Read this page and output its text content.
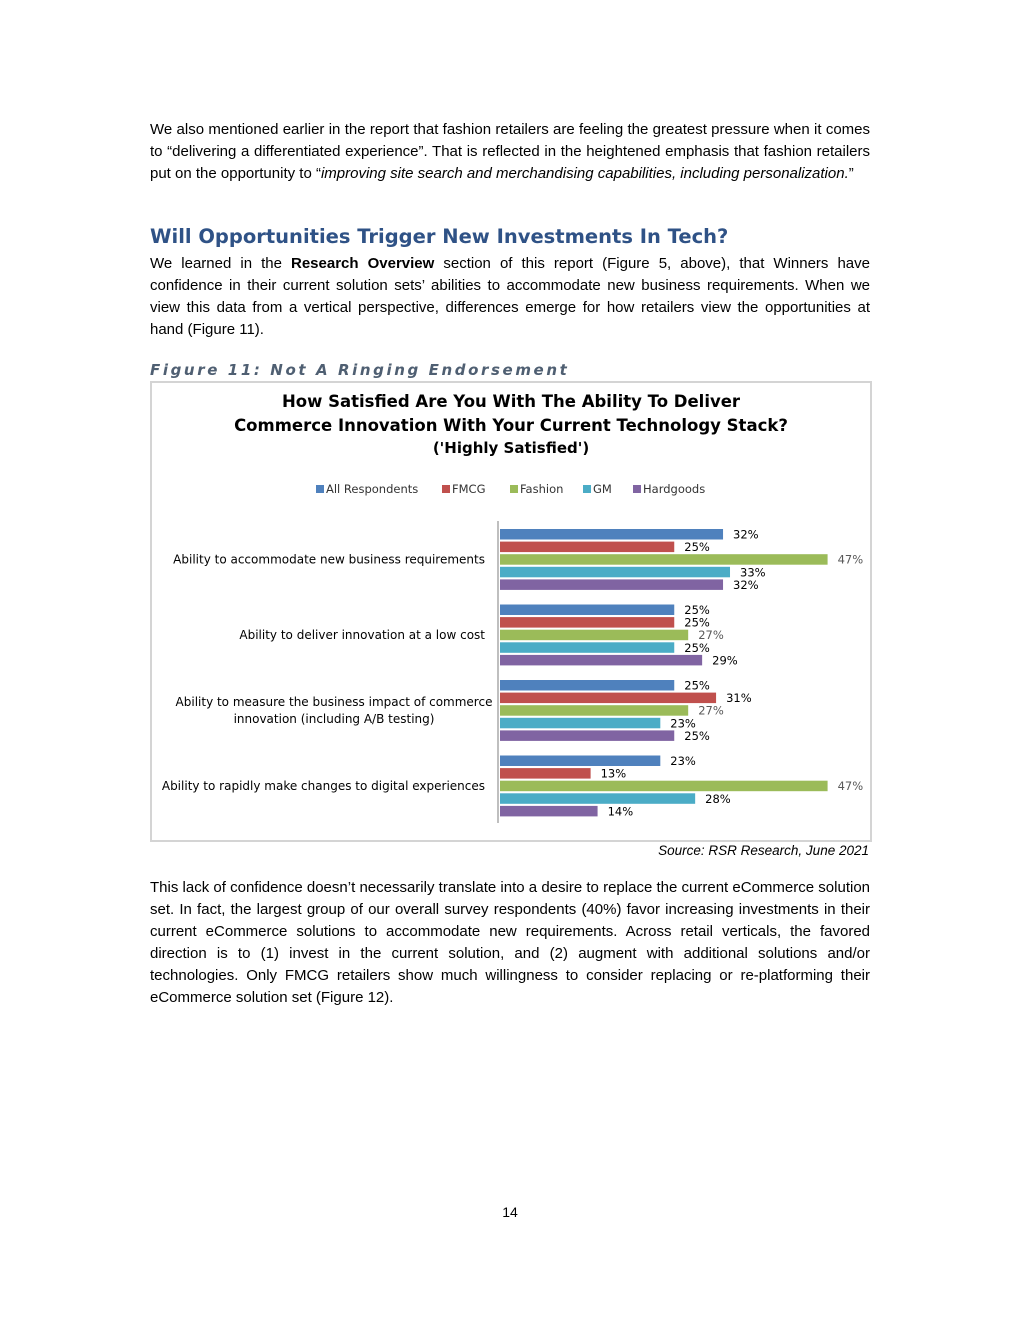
We also mentioned earlier in the report that fashion retailers are feeling the greatest pressure when it comes to “delivering a differentiated experience”. That is reflected in the heightened emphasis that fashion retailers put on the opportunity to “improving site search and merchandising capabilities, including personalization.”

Will Opportunities Trigger New Investments In Tech?

We learned in the Research Overview section of this report (Figure 5, above), that Winners have confidence in their current solution sets’ abilities to accommodate new business requirements. When we view this data from a vertical perspective, differences emerge for how retailers view the opportunities at hand (Figure 11).

Figure 11: Not A Ringing Endorsement

How Satisfied Are You With The Ability To Deliver
Commerce Innovation With Your Current Technology Stack?
('Highly Satisfied')
All Respondents	FMCG	Fashion	GM	Hardgoods
Ability to accommodate new business requirements
32%
25%
47%
33%
32%
Ability to deliver innovation at a low cost
25%
25%
27%
25%
29%
Ability to measure the business impact of commerce
innovation (including A/B testing)
25%
31%
27%
23%
25%
Ability to rapidly make changes to digital experiences
23%
13%
47%
28%
14%

Source: RSR Research, June 2021

This lack of confidence doesn’t necessarily translate into a desire to replace the current eCommerce solution set. In fact, the largest group of our overall survey respondents (40%) favor increasing investments in their current eCommerce solutions to accommodate new requirements. Across retail verticals, the favored direction is to (1) invest in the current solution, and (2) augment with additional solutions and/or technologies. Only FMCG retailers show much willingness to consider replacing or re-platforming their eCommerce solution set (Figure 12).

14
